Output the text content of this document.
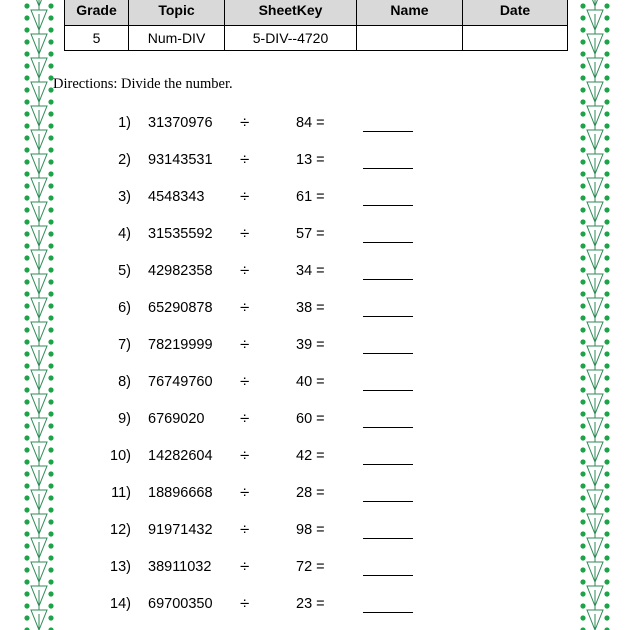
Grade	Topic	SheetKey	Name	Date
5	Num-DIV	5-DIV--4720		
Directions: Divide the number.
1) 31370976 ÷	84 =
2) 93143531 ÷	13 =
3) 4548343 ÷	61 =
4) 31535592 ÷	57 =
5) 42982358 ÷	34 =
6) 65290878 ÷	38 =
7) 78219999 ÷	39 =
8) 76749760 ÷	40 =
9) 6769020 ÷	60 =
10) 14282604 ÷	42 =
11) 18896668 ÷	28 =
12) 91971432 ÷	98 =
13) 38911032 ÷	72 =
14) 69700350 ÷	23 =
